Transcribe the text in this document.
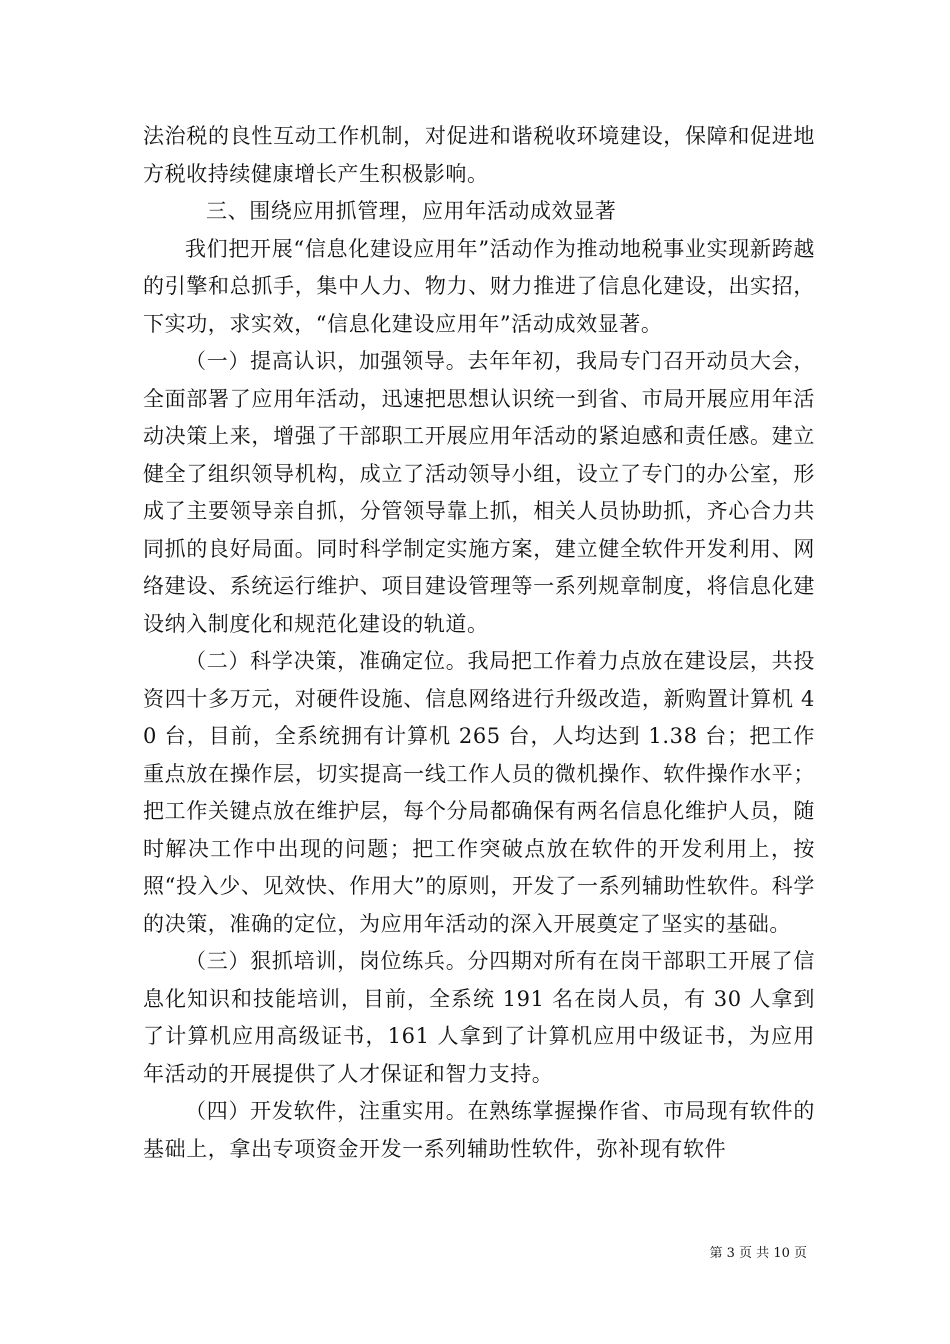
法治税的良性互动工作机制，对促进和谐税收环境建设，保障和促进地方税收持续健康增长产生积极影响。

三、围绕应用抓管理，应用年活动成效显著

我们把开展“信息化建设应用年”活动作为推动地税事业实现新跨越的引擎和总抓手，集中人力、物力、财力推进了信息化建设，出实招，下实功，求实效，“信息化建设应用年”活动成效显著。

（一）提高认识，加强领导。去年年初，我局专门召开动员大会，全面部署了应用年活动，迅速把思想认识统一到省、市局开展应用年活动决策上来，增强了干部职工开展应用年活动的紧迫感和责任感。建立健全了组织领导机构，成立了活动领导小组，设立了专门的办公室，形成了主要领导亲自抓，分管领导靠上抓，相关人员协助抓，齐心合力共同抓的良好局面。同时科学制定实施方案，建立健全软件开发利用、网络建设、系统运行维护、项目建设管理等一系列规章制度，将信息化建设纳入制度化和规范化建设的轨道。

（二）科学决策，准确定位。我局把工作着力点放在建设层，共投资四十多万元，对硬件设施、信息网络进行升级改造，新购置计算机 40 台，目前，全系统拥有计算机 265 台，人均达到 1.38 台；把工作重点放在操作层，切实提高一线工作人员的微机操作、软件操作水平；把工作关键点放在维护层，每个分局都确保有两名信息化维护人员，随时解决工作中出现的问题；把工作突破点放在软件的开发利用上，按照“投入少、见效快、作用大”的原则，开发了一系列辅助性软件。科学的决策，准确的定位，为应用年活动的深入开展奠定了坚实的基础。

（三）狠抓培训，岗位练兵。分四期对所有在岗干部职工开展了信息化知识和技能培训，目前，全系统 191 名在岗人员，有 30 人拿到了计算机应用高级证书，161 人拿到了计算机应用中级证书，为应用年活动的开展提供了人才保证和智力支持。

（四）开发软件，注重实用。在熟练掌握操作省、市局现有软件的基础上，拿出专项资金开发一系列辅助性软件，弥补现有软件

第 3 页 共 10 页
